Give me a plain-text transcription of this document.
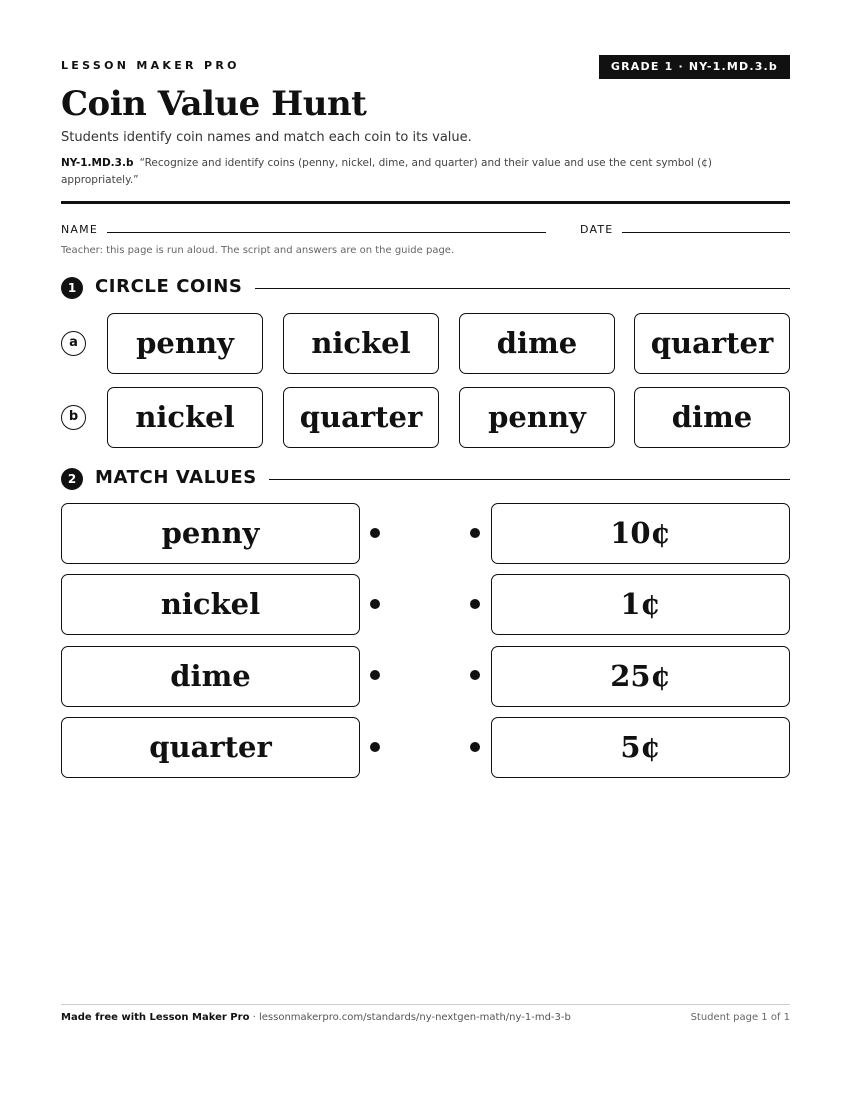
LESSON MAKER PRO	GRADE 1 · NY-1.MD.3.b
Coin Value Hunt
Students identify coin names and match each coin to its value.
NY-1.MD.3.b “Recognize and identify coins (penny, nickel, dime, and quarter) and their value and use the cent symbol (¢) appropriately.”
NAME	DATE
Teacher: this page is run aloud. The script and answers are on the guide page.
1	CIRCLE COINS
a	penny	nickel	dime	quarter
b	nickel	quarter	penny	dime
2	MATCH VALUES
penny	10¢
nickel	1¢
dime	25¢
quarter	5¢
Made free with Lesson Maker Pro · lessonmakerpro.com/standards/ny-nextgen-math/ny-1-md-3-b	Student page 1 of 1
